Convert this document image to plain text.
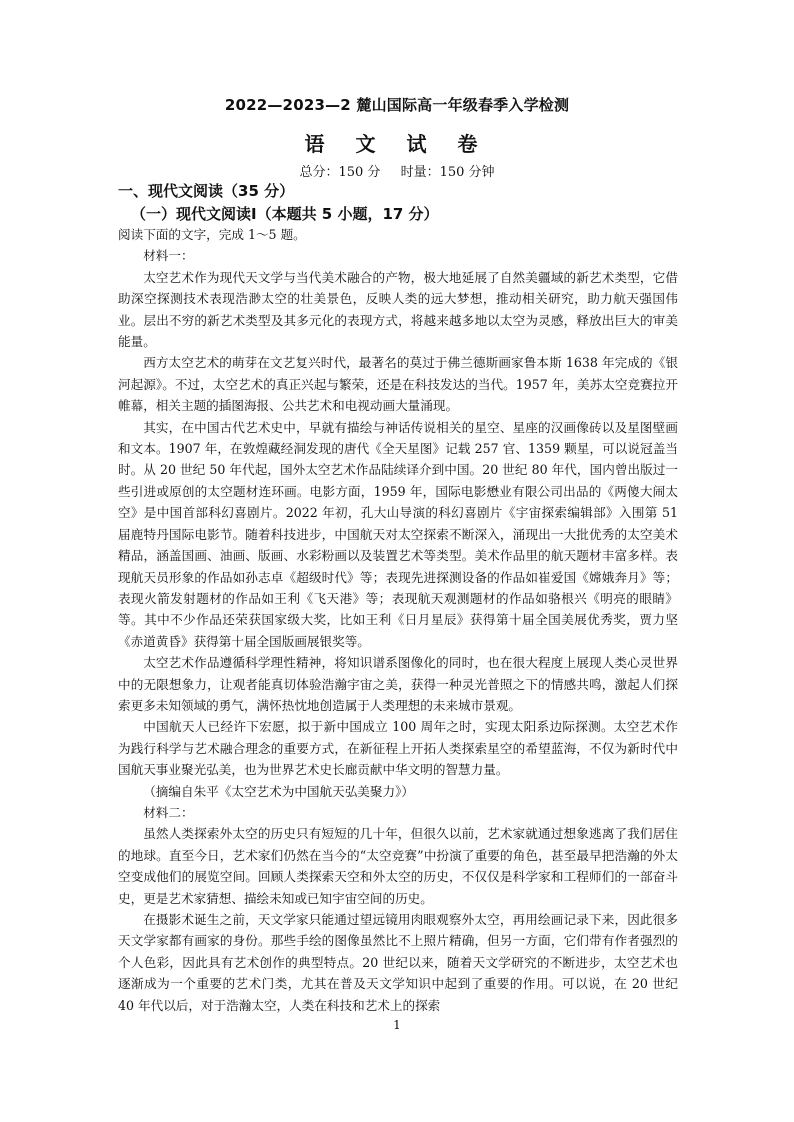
2022—2023—2 麓山国际高一年级春季入学检测
语 文 试 卷
总分：150 分 时量：150 分钟
一、现代文阅读（35 分）
（一）现代文阅读Ⅰ（本题共 5 小题，17 分）

阅读下面的文字，完成 1～5 题。

材料一：

太空艺术作为现代天文学与当代美术融合的产物，极大地延展了自然美疆域的新艺术类型，它借助深空探测技术表现浩渺太空的壮美景色，反映人类的远大梦想，推动相关研究，助力航天强国伟业。层出不穷的新艺术类型及其多元化的表现方式，将越来越多地以太空为灵感，释放出巨大的审美能量。

西方太空艺术的萌芽在文艺复兴时代，最著名的莫过于佛兰德斯画家鲁本斯 1638 年完成的《银河起源》。不过，太空艺术的真正兴起与繁荣，还是在科技发达的当代。1957 年，美苏太空竞赛拉开帷幕，相关主题的插图海报、公共艺术和电视动画大量涌现。

其实，在中国古代艺术史中，早就有描绘与神话传说相关的星空、星座的汉画像砖以及星图壁画和文本。1907 年，在敦煌藏经洞发现的唐代《全天星图》记载 257 官、1359 颗星，可以说冠盖当时。从 20 世纪 50 年代起，国外太空艺术作品陆续译介到中国。20 世纪 80 年代，国内曾出版过一些引进或原创的太空题材连环画。电影方面，1959 年，国际电影懋业有限公司出品的《两傻大闹太空》是中国首部科幻喜剧片。2022 年初，孔大山导演的科幻喜剧片《宇宙探索编辑部》入围第 51 届鹿特丹国际电影节。随着科技进步，中国航天对太空探索不断深入，涌现出一大批优秀的太空美术精品，涵盖国画、油画、版画、水彩粉画以及装置艺术等类型。美术作品里的航天题材丰富多样。表现航天员形象的作品如孙志卓《超级时代》等；表现先进探测设备的作品如崔爱国《嫦娥奔月》等；表现火箭发射题材的作品如王利《飞天港》等；表现航天观测题材的作品如骆根兴《明亮的眼睛》等。其中不少作品还荣获国家级大奖，比如王利《日月星辰》获得第十届全国美展优秀奖，贾力坚《赤道黄昏》获得第十届全国版画展银奖等。

太空艺术作品遵循科学理性精神，将知识谱系图像化的同时，也在很大程度上展现人类心灵世界中的无限想象力，让观者能真切体验浩瀚宇宙之美，获得一种灵光普照之下的情感共鸣，激起人们探索更多未知领域的勇气，满怀热忱地创造属于人类理想的未来城市景观。

中国航天人已经许下宏愿，拟于新中国成立 100 周年之时，实现太阳系边际探测。太空艺术作为践行科学与艺术融合理念的重要方式，在新征程上开拓人类探索星空的希望蓝海，不仅为新时代中国航天事业聚光弘美，也为世界艺术史长廊贡献中华文明的智慧力量。

（摘编自朱平《太空艺术为中国航天弘美聚力》）

材料二：

虽然人类探索外太空的历史只有短短的几十年，但很久以前，艺术家就通过想象逃离了我们居住的地球。直至今日，艺术家们仍然在当今的“太空竞赛”中扮演了重要的角色，甚至最早把浩瀚的外太空变成他们的展览空间。回顾人类探索天空和外太空的历史，不仅仅是科学家和工程师们的一部奋斗史，更是艺术家猜想、描绘未知或已知宇宙空间的历史。

在摄影术诞生之前，天文学家只能通过望远镜用肉眼观察外太空，再用绘画记录下来，因此很多天文学家都有画家的身份。那些手绘的图像虽然比不上照片精确，但另一方面，它们带有作者强烈的个人色彩，因此具有艺术创作的典型特点。20 世纪以来，随着天文学研究的不断进步，太空艺术也逐渐成为一个重要的艺术门类，尤其在普及天文学知识中起到了重要的作用。可以说，在 20 世纪 40 年代以后，对于浩瀚太空，人类在科技和艺术上的探索

1
